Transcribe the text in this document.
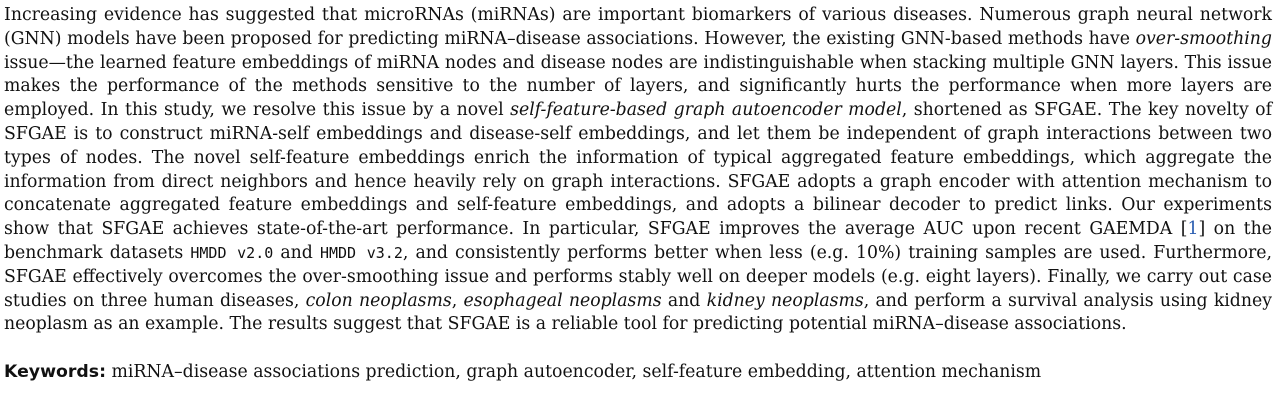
Increasing evidence has suggested that microRNAs (miRNAs) are important biomarkers of various diseases. Numerous graph neural network (GNN) models have been proposed for predicting miRNA–disease associations. However, the existing GNN-based methods have over-smoothing issue—the learned feature embeddings of miRNA nodes and disease nodes are indistinguishable when stacking multiple GNN layers. This issue makes the performance of the methods sensitive to the number of layers, and significantly hurts the performance when more layers are employed. In this study, we resolve this issue by a novel self-feature-based graph autoencoder model, shortened as SFGAE. The key novelty of SFGAE is to construct miRNA-self embeddings and disease-self embeddings, and let them be independent of graph interactions between two types of nodes. The novel self-feature embeddings enrich the information of typical aggregated feature embeddings, which aggregate the information from direct neighbors and hence heavily rely on graph interactions. SFGAE adopts a graph encoder with attention mechanism to concatenate aggregated feature embeddings and self-feature embeddings, and adopts a bilinear decoder to predict links. Our experiments show that SFGAE achieves state-of-the-art performance. In particular, SFGAE improves the average AUC upon recent GAEMDA [1] on the benchmark datasets HMDD v2.0 and HMDD v3.2, and consistently performs better when less (e.g. 10%) training samples are used. Furthermore, SFGAE effectively overcomes the over-smoothing issue and performs stably well on deeper models (e.g. eight layers). Finally, we carry out case studies on three human diseases, colon neoplasms, esophageal neoplasms and kidney neoplasms, and perform a survival analysis using kidney neoplasm as an example. The results suggest that SFGAE is a reliable tool for predicting potential miRNA–disease associations.

Keywords: miRNA–disease associations prediction, graph autoencoder, self-feature embedding, attention mechanism
